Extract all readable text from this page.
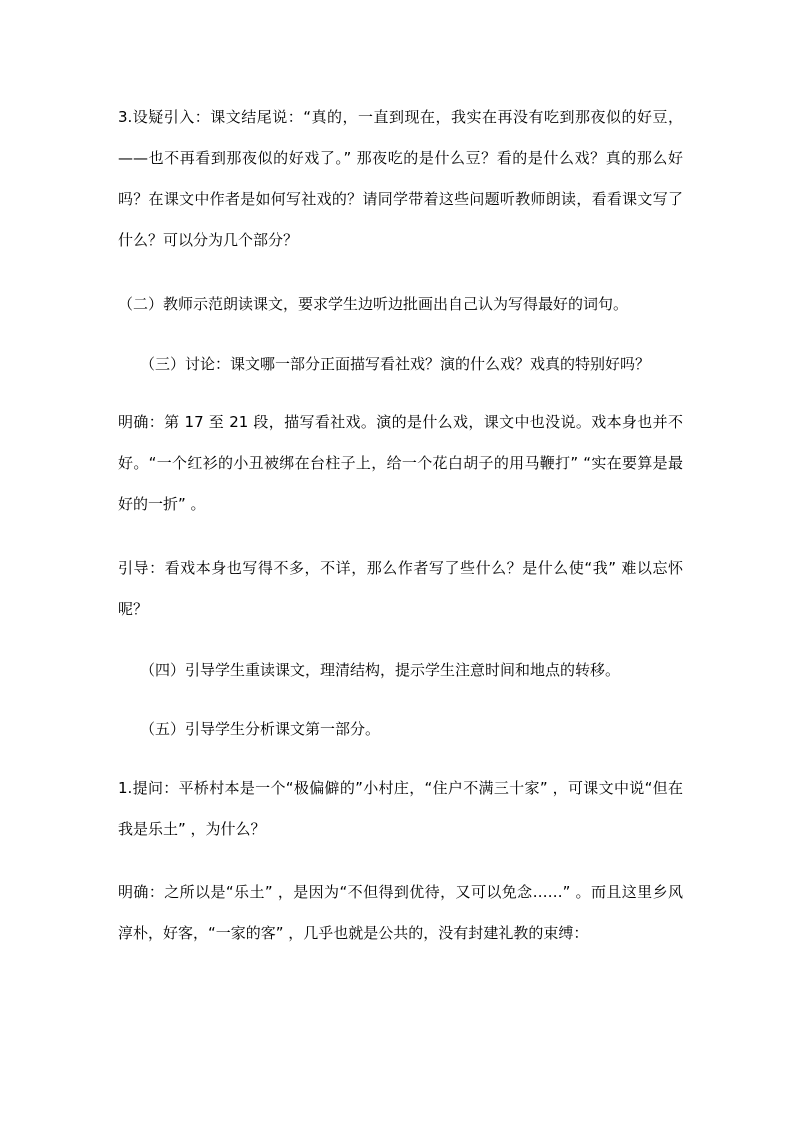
3.设疑引入：课文结尾说：“真的，一直到现在，我实在再没有吃到那夜似的好豆，——也不再看到那夜似的好戏了。” 那夜吃的是什么豆？看的是什么戏？真的那么好吗？在课文中作者是如何写社戏的？请同学带着这些问题听教师朗读，看看课文写了什么？可以分为几个部分？

（二）教师示范朗读课文，要求学生边听边批画出自己认为写得最好的词句。

（三）讨论：课文哪一部分正面描写看社戏？演的什么戏？戏真的特别好吗？

明确：第 17 至 21 段，描写看社戏。演的是什么戏，课文中也没说。戏本身也并不好。“一个红衫的小丑被绑在台柱子上，给一个花白胡子的用马鞭打” “实在要算是最好的一折” 。

引导：看戏本身也写得不多，不详，那么作者写了些什么？是什么使“我” 难以忘怀呢？

（四）引导学生重读课文，理清结构，提示学生注意时间和地点的转移。

（五）引导学生分析课文第一部分。

1.提问：平桥村本是一个“极偏僻的”小村庄，“住户不满三十家” ，可课文中说“但在我是乐土” ，为什么？

明确：之所以是“乐土” ，是因为“不但得到优待，又可以免念……” 。而且这里乡风淳朴，好客，“一家的客” ，几乎也就是公共的，没有封建礼教的束缚：
